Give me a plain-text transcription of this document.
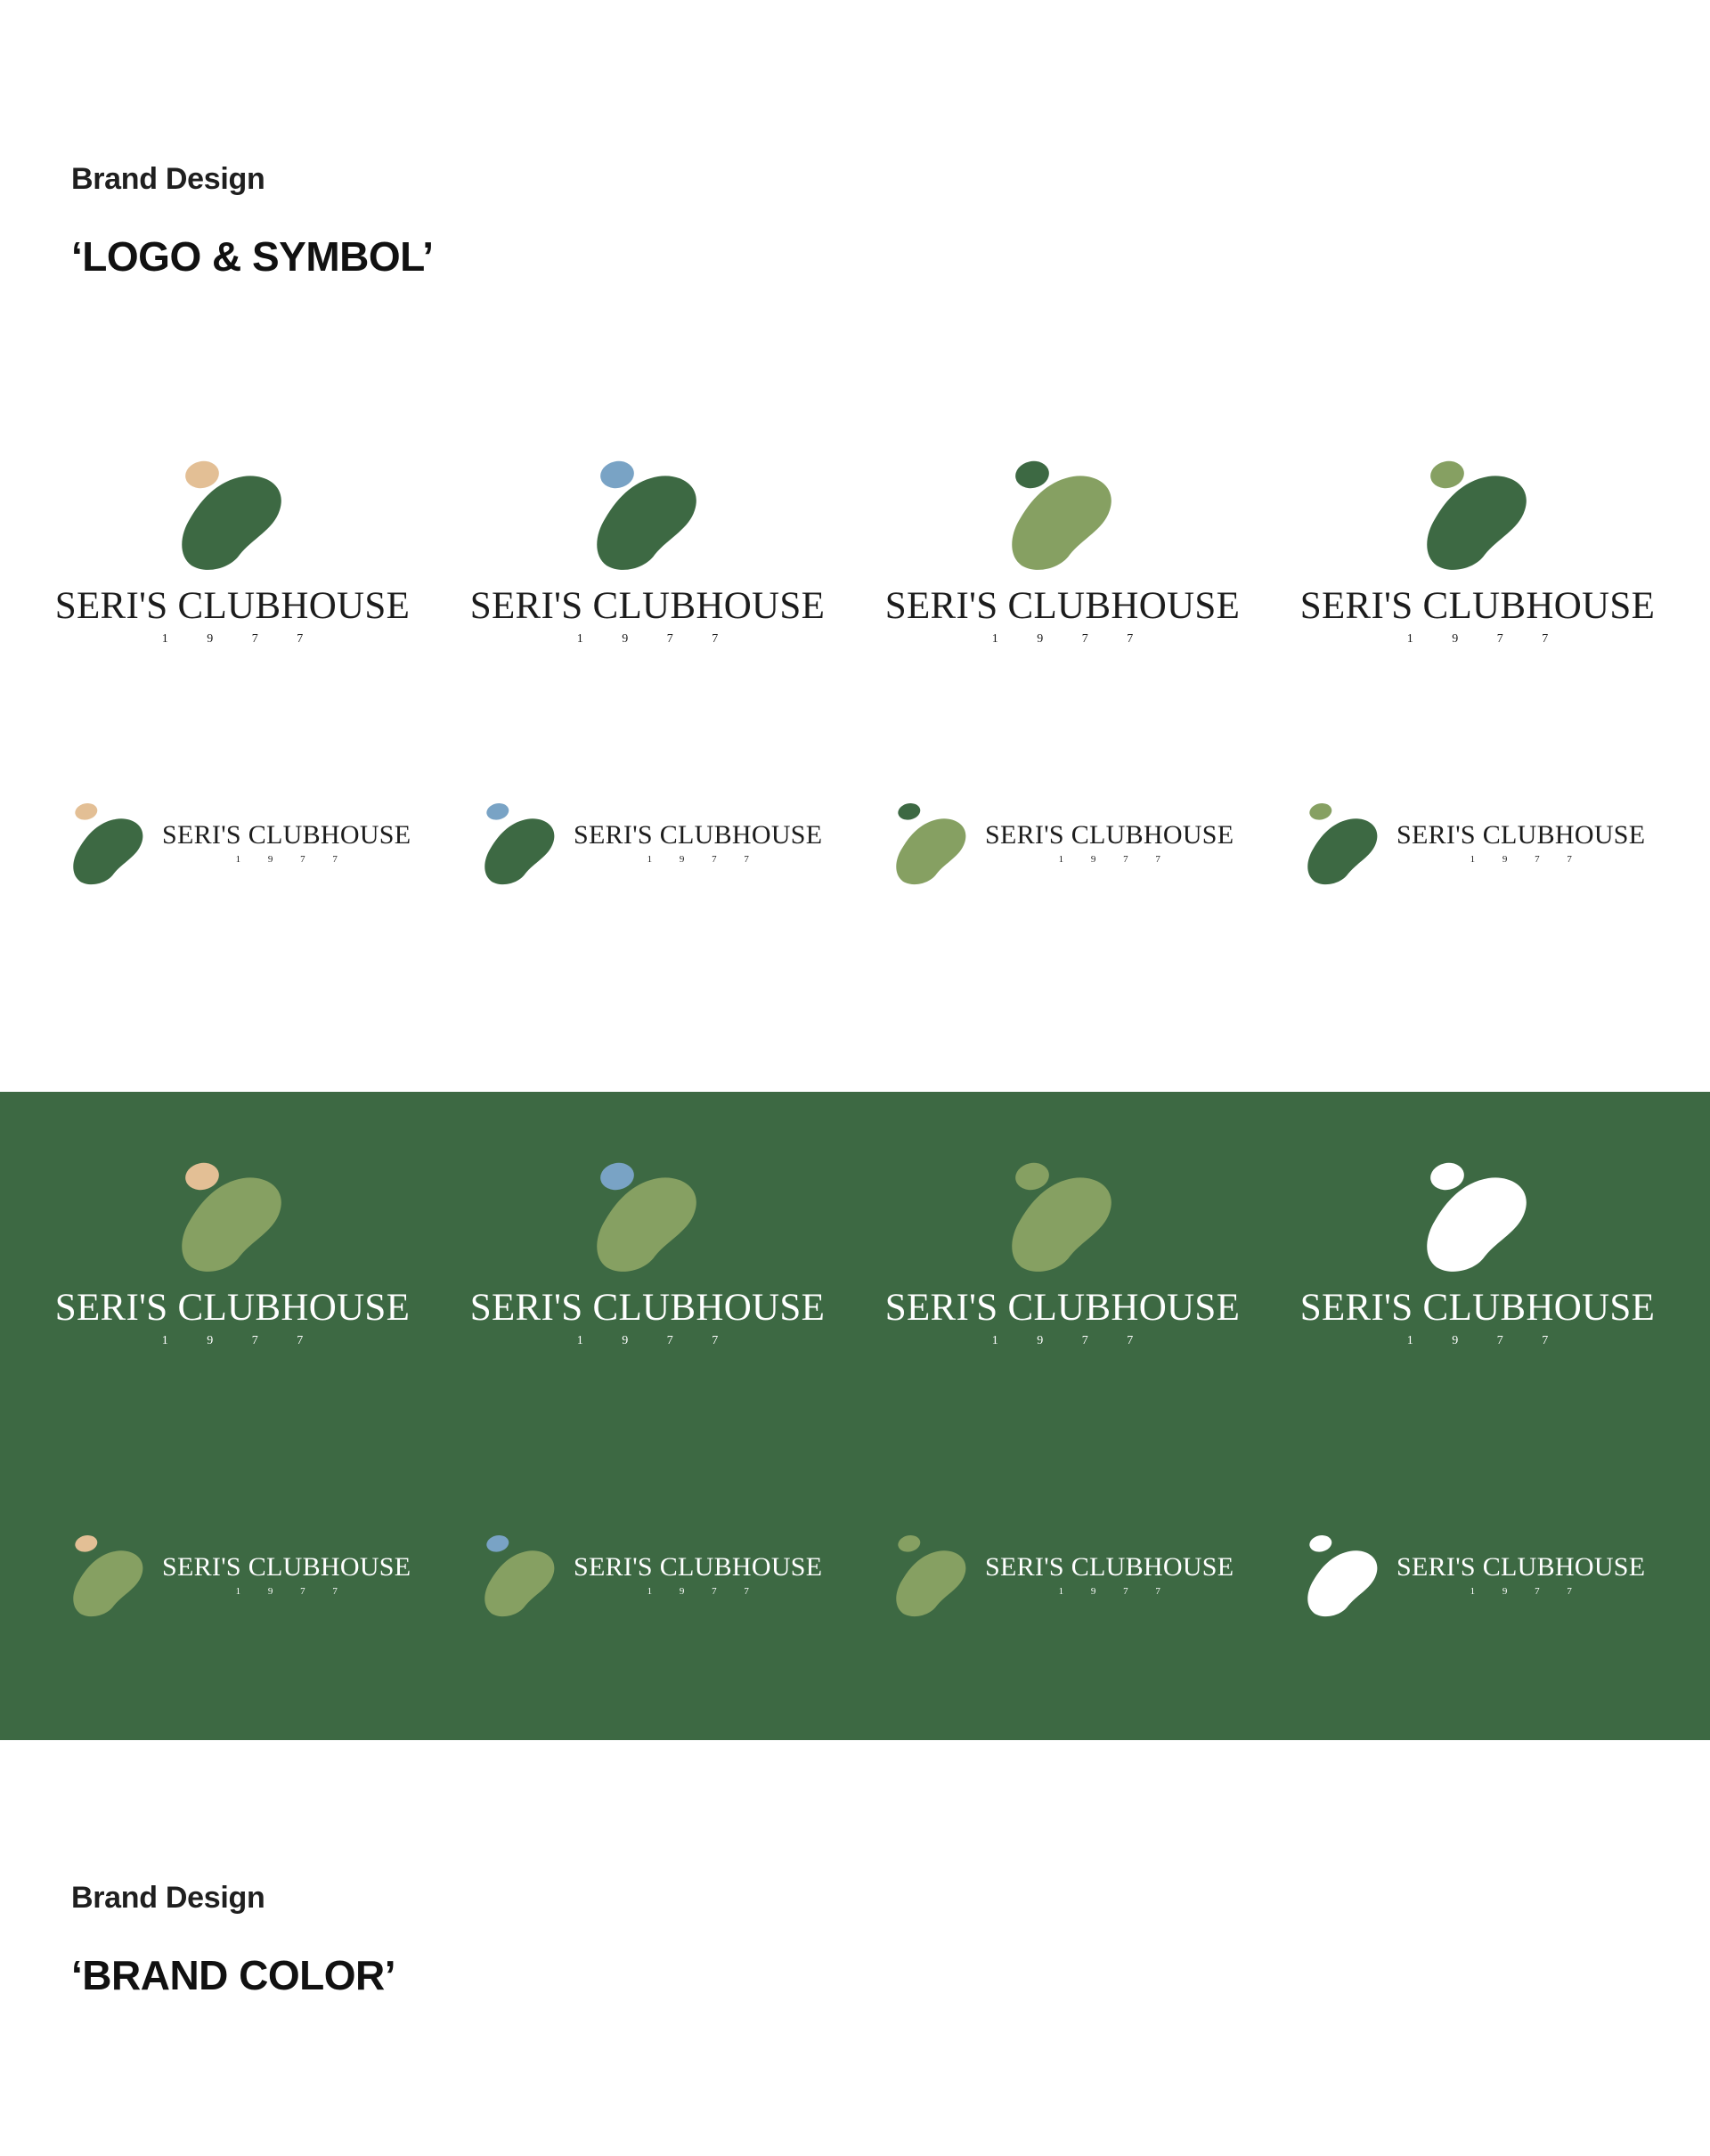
Brand Design

‘LOGO & SYMBOL’

SERI'S CLUBHOUSE
1 9 7 7
SERI'S CLUBHOUSE
1 9 7 7
SERI'S CLUBHOUSE
1 9 7 7
SERI'S CLUBHOUSE
1 9 7 7
SERI'S CLUBHOUSE
1 9 7 7
SERI'S CLUBHOUSE
1 9 7 7
SERI'S CLUBHOUSE
1 9 7 7
SERI'S CLUBHOUSE
1 9 7 7
SERI'S CLUBHOUSE
1 9 7 7
SERI'S CLUBHOUSE
1 9 7 7
SERI'S CLUBHOUSE
1 9 7 7
SERI'S CLUBHOUSE
1 9 7 7
SERI'S CLUBHOUSE
1 9 7 7
SERI'S CLUBHOUSE
1 9 7 7
SERI'S CLUBHOUSE
1 9 7 7
SERI'S CLUBHOUSE
1 9 7 7

Brand Design

‘BRAND COLOR’
